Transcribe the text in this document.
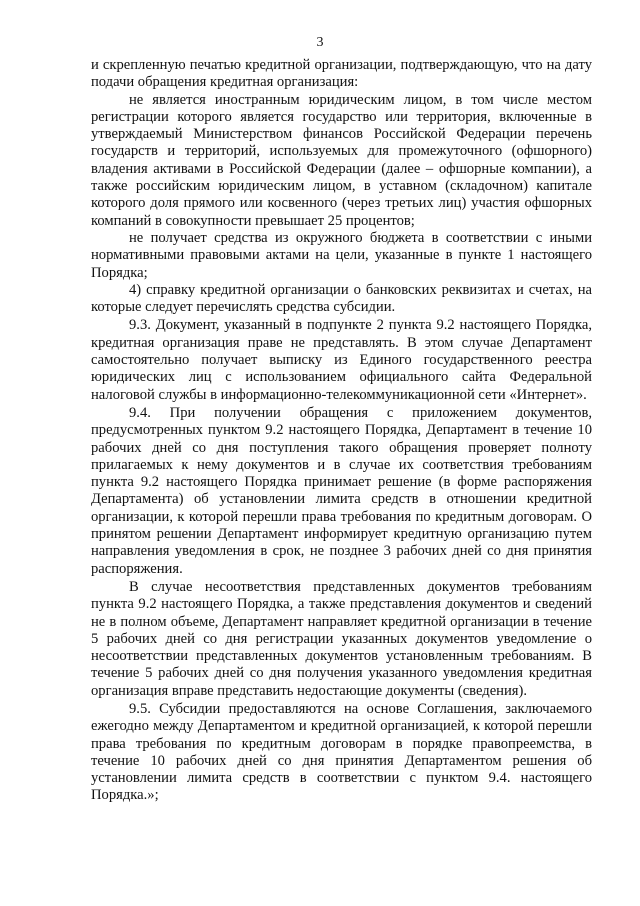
3

и скрепленную печатью кредитной организации, подтверждающую, что на дату подачи обращения кредитная организация:

не является иностранным юридическим лицом, в том числе местом регистрации которого является государство или территория, включенные в утверждаемый Министерством финансов Российской Федерации перечень государств и территорий, используемых для промежуточного (офшорного) владения активами в Российской Федерации (далее – офшорные компании), а также российским юридическим лицом, в уставном (складочном) капитале которого доля прямого или косвенного (через третьих лиц) участия офшорных компаний в совокупности превышает 25 процентов;

не получает средства из окружного бюджета в соответствии с иными нормативными правовыми актами на цели, указанные в пункте 1 настоящего Порядка;

4) справку кредитной организации о банковских реквизитах и счетах, на которые следует перечислять средства субсидии.

9.3. Документ, указанный в подпункте 2 пункта 9.2 настоящего Порядка, кредитная организация праве не представлять. В этом случае Департамент самостоятельно получает выписку из Единого государственного реестра юридических лиц с использованием официального сайта Федеральной налоговой службы в информационно-телекоммуникационной сети «Интернет».

9.4. При получении обращения с приложением документов, предусмотренных пунктом 9.2 настоящего Порядка, Департамент в течение 10 рабочих дней со дня поступления такого обращения проверяет полноту прилагаемых к нему документов и в случае их соответствия требованиям пункта 9.2 настоящего Порядка принимает решение (в форме распоряжения Департамента) об установлении лимита средств в отношении кредитной организации, к которой перешли права требования по кредитным договорам. О принятом решении Департамент информирует кредитную организацию путем направления уведомления в срок, не позднее 3 рабочих дней со дня принятия распоряжения.

В случае несоответствия представленных документов требованиям пункта 9.2 настоящего Порядка, а также представления документов и сведений не в полном объеме, Департамент направляет кредитной организации в течение 5 рабочих дней со дня регистрации указанных документов уведомление о несоответствии представленных документов установленным требованиям. В течение 5 рабочих дней со дня получения указанного уведомления кредитная организация вправе представить недостающие документы (сведения).

9.5. Субсидии предоставляются на основе Соглашения, заключаемого ежегодно между Департаментом и кредитной организацией, к которой перешли права требования по кредитным договорам в порядке правопреемства, в течение 10 рабочих дней со дня принятия Департаментом решения об установлении лимита средств в соответствии с пунктом 9.4. настоящего Порядка.»;
